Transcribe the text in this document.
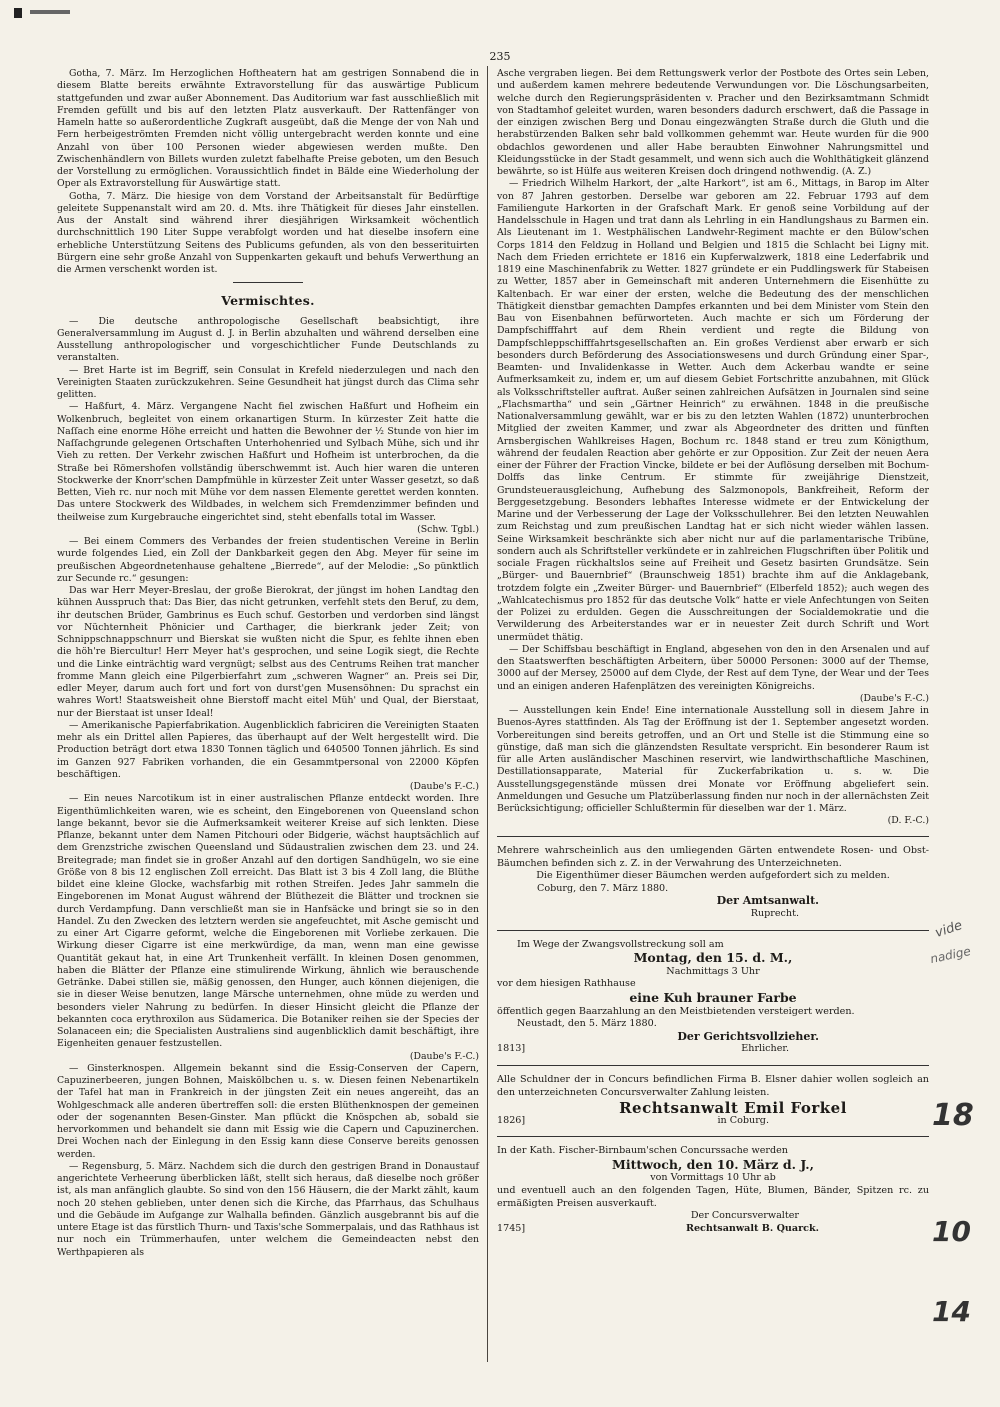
235

Gotha, 7. März. Im Herzoglichen Hoftheatern hat am gestrigen Sonnabend die in diesem Blatte bereits erwähnte Extravorstellung für das auswärtige Publicum stattgefunden und zwar außer Abonnement. Das Auditorium war fast ausschließlich mit Fremden gefüllt und bis auf den letzten Platz ausverkauft. Der Rattenfänger von Hameln hatte so außerordentliche Zugkraft ausgeübt, daß die Menge der von Nah und Fern herbeigeströmten Fremden nicht völlig untergebracht werden konnte und eine Anzahl von über 100 Personen wieder abgewiesen werden mußte. Den Zwischenhändlern von Billets wurden zuletzt fabelhafte Preise geboten, um den Besuch der Vorstellung zu ermöglichen. Voraussichtlich findet in Bälde eine Wiederholung der Oper als Extravorstellung für Auswärtige statt.

Gotha, 7. März. Die hiesige von dem Vorstand der Arbeitsanstalt für Bedürftige geleitete Suppenanstalt wird am 20. d. Mts. ihre Thätigkeit für dieses Jahr einstellen. Aus der Anstalt sind während ihrer diesjährigen Wirksamkeit wöchentlich durchschnittlich 190 Liter Suppe verabfolgt worden und hat dieselbe insofern eine erhebliche Unterstützung Seitens des Publicums gefunden, als von den besserituirten Bürgern eine sehr große Anzahl von Suppenkarten gekauft und behufs Verwerthung an die Armen verschenkt worden ist.

Vermischtes.

— Die deutsche anthropologische Gesellschaft beabsichtigt, ihre Generalversammlung im August d. J. in Berlin abzuhalten und während derselben eine Ausstellung anthropologischer und vorgeschichtlicher Funde Deutschlands zu veranstalten.

— Bret Harte ist im Begriff, sein Consulat in Krefeld niederzulegen und nach den Vereinigten Staaten zurückzukehren. Seine Gesundheit hat jüngst durch das Clima sehr gelitten.

— Haßfurt, 4. März. Vergangene Nacht fiel zwischen Haßfurt und Hofheim ein Wolkenbruch, begleitet von einem orkanartigen Sturm. In kürzester Zeit hatte die Naſſach eine enorme Höhe erreicht und hatten die Bewohner der ½ Stunde von hier im Naſſachgrunde gelegenen Ortschaften Unterhohenried und Sylbach Mühe, sich und ihr Vieh zu retten. Der Verkehr zwischen Haßfurt und Hofheim ist unterbrochen, da die Straße bei Römershofen vollständig überschwemmt ist. Auch hier waren die unteren Stockwerke der Knorr'schen Dampfmühle in kürzester Zeit unter Wasser gesetzt, so daß Betten, Vieh rc. nur noch mit Mühe vor dem nassen Elemente gerettet werden konnten. Das untere Stockwerk des Wildbades, in welchem sich Fremdenzimmer befinden und theilweise zum Kurgebrauche eingerichtet sind, steht ebenfalls total im Wasser.

(Schw. Tgbl.)

— Bei einem Commers des Verbandes der freien studentischen Vereine in Berlin wurde folgendes Lied, ein Zoll der Dankbarkeit gegen den Abg. Meyer für seine im preußischen Abgeordnetenhause gehaltene „Bierrede“, auf der Melodie: „So pünktlich zur Secunde rc.“ gesungen:

Das war Herr Meyer-Breslau, der große Bierokrat, der jüngst im hohen Landtag den kühnen Ausspruch that: Das Bier, das nicht getrunken, verfehlt stets den Beruf, zu dem, ihr deutschen Brüder, Gambrinus es Euch schuf. Gestorben und verdorben sind längst vor Nüchternheit Phönicier und Carthager, die bierkrank jeder Zeit; von Schnippschnappschnurr und Bierskat sie wußten nicht die Spur, es fehlte ihnen eben die höh're Biercultur! Herr Meyer hat's gesprochen, und seine Logik siegt, die Rechte und die Linke einträchtig ward vergnügt; selbst aus des Centrums Reihen trat mancher fromme Mann gleich eine Pilgerbierfahrt zum „schweren Wagner“ an. Preis sei Dir, edler Meyer, darum auch fort und fort von durst'gen Musensöhnen: Du sprachst ein wahres Wort! Staatsweisheit ohne Bierstoff macht eitel Müh' und Qual, der Bierstaat, nur der Bierstaat ist unser Ideal!

— Amerikanische Papierfabrikation. Augenblicklich fabriciren die Vereinigten Staaten mehr als ein Drittel allen Papieres, das überhaupt auf der Welt hergestellt wird. Die Production beträgt dort etwa 1830 Tonnen täglich und 640500 Tonnen jährlich. Es sind im Ganzen 927 Fabriken vorhanden, die ein Gesammtpersonal von 22000 Köpfen beschäftigen.

(Daube's F.-C.)

— Ein neues Narcotikum ist in einer australischen Pflanze entdeckt worden. Ihre Eigenthümlichkeiten waren, wie es scheint, den Eingeborenen von Queensland schon lange bekannt, bevor sie die Aufmerksamkeit weiterer Kreise auf sich lenkten. Diese Pflanze, bekannt unter dem Namen Pitchouri oder Bidgerie, wächst hauptsächlich auf dem Grenzstriche zwischen Queensland und Südaustralien zwischen dem 23. und 24. Breitegrade; man findet sie in großer Anzahl auf den dortigen Sandhügeln, wo sie eine Größe von 8 bis 12 englischen Zoll erreicht. Das Blatt ist 3 bis 4 Zoll lang, die Blüthe bildet eine kleine Glocke, wachsfarbig mit rothen Streifen. Jedes Jahr sammeln die Eingeborenen im Monat August während der Blüthezeit die Blätter und trocknen sie durch Verdampfung. Dann verschließt man sie in Hanfsäcke und bringt sie so in den Handel. Zu den Zwecken des letztern werden sie angefeuchtet, mit Asche gemischt und zu einer Art Cigarre geformt, welche die Eingeborenen mit Vorliebe zerkauen. Die Wirkung dieser Cigarre ist eine merkwürdige, da man, wenn man eine gewisse Quantität gekaut hat, in eine Art Trunkenheit verfällt. In kleinen Dosen genommen, haben die Blätter der Pflanze eine stimulirende Wirkung, ähnlich wie berauschende Getränke. Dabei stillen sie, mäßig genossen, den Hunger, auch können diejenigen, die sie in dieser Weise benutzen, lange Märsche unternehmen, ohne müde zu werden und besonders vieler Nahrung zu bedürfen. In dieser Hinsicht gleicht die Pflanze der bekannten coca erythroxilon aus Südamerica. Die Botaniker reihen sie der Species der Solanaceen ein; die Specialisten Australiens sind augenblicklich damit beschäftigt, ihre Eigenheiten genauer festzustellen.

(Daube's F.-C.)

— Ginsterknospen. Allgemein bekannt sind die Essig-Conserven der Capern, Capuzinerbeeren, jungen Bohnen, Maiskölbchen u. s. w. Diesen feinen Nebenartikeln der Tafel hat man in Frankreich in der jüngsten Zeit ein neues angereiht, das an Wohlgeschmack alle anderen übertreffen soll: die ersten Blüthenknospen der gemeinen oder der sogenannten Besen-Ginster. Man pflückt die Knöspchen ab, sobald sie hervorkommen und behandelt sie dann mit Essig wie die Capern und Capuzinerchen. Drei Wochen nach der Einlegung in den Essig kann diese Conserve bereits genossen werden.

— Regensburg, 5. März. Nachdem sich die durch den gestrigen Brand in Donaustauf angerichtete Verheerung überblicken läßt, stellt sich heraus, daß dieselbe noch größer ist, als man anfänglich glaubte. So sind von den 156 Häusern, die der Markt zählt, kaum noch 20 stehen geblieben, unter denen sich die Kirche, das Pfarrhaus, das Schulhaus und die Gebäude im Aufgange zur Walhalla befinden. Gänzlich ausgebrannt bis auf die untere Etage ist das fürstlich Thurn- und Taxis'sche Sommerpalais, und das Rathhaus ist nur noch ein Trümmerhaufen, unter welchem die Gemeindeacten nebst den Werthpapieren als

Asche vergraben liegen. Bei dem Rettungswerk verlor der Postbote des Ortes sein Leben, und außerdem kamen mehrere bedeutende Verwundungen vor. Die Löschungsarbeiten, welche durch den Regierungspräsidenten v. Pracher und den Bezirksamtmann Schmidt von Stadtamhof geleitet wurden, waren besonders dadurch erschwert, daß die Passage in der einzigen zwischen Berg und Donau eingezwängten Straße durch die Gluth und die herabstürzenden Balken sehr bald vollkommen gehemmt war. Heute wurden für die 900 obdachlos gewordenen und aller Habe beraubten Einwohner Nahrungsmittel und Kleidungsstücke in der Stadt gesammelt, und wenn sich auch die Wohlthätigkeit glänzend bewährte, so ist Hülfe aus weiteren Kreisen doch dringend nothwendig. (A. Z.)

— Friedrich Wilhelm Harkort, der „alte Harkort“, ist am 6., Mittags, in Barop im Alter von 87 Jahren gestorben. Derselbe war geboren am 22. Februar 1793 auf dem Familiengute Harkorten in der Grafschaft Mark. Er genoß seine Vorbildung auf der Handelsschule in Hagen und trat dann als Lehrling in ein Handlungshaus zu Barmen ein. Als Lieutenant im 1. Westphälischen Landwehr-Regiment machte er den Bülow'schen Corps 1814 den Feldzug in Holland und Belgien und 1815 die Schlacht bei Ligny mit. Nach dem Frieden errichtete er 1816 ein Kupferwalzwerk, 1818 eine Lederfabrik und 1819 eine Maschinenfabrik zu Wetter. 1827 gründete er ein Puddlingswerk für Stabeisen zu Wetter, 1857 aber in Gemeinschaft mit anderen Unternehmern die Eisenhütte zu Kaltenbach. Er war einer der ersten, welche die Bedeutung des der menschlichen Thätigkeit dienstbar gemachten Dampfes erkannten und bei dem Minister vom Stein den Bau von Eisenbahnen befürworteten. Auch machte er sich um Förderung der Dampfschifffahrt auf dem Rhein verdient und regte die Bildung von Dampfschleppschifffahrtsgesellschaften an. Ein großes Verdienst aber erwarb er sich besonders durch Beförderung des Associationswesens und durch Gründung einer Spar-, Beamten- und Invalidenkasse in Wetter. Auch dem Ackerbau wandte er seine Aufmerksamkeit zu, indem er, um auf diesem Gebiet Fortschritte anzubahnen, mit Glück als Volksschriftsteller auftrat. Außer seinen zahlreichen Aufsätzen in Journalen sind seine „Flachsmartha“ und sein „Gärtner Heinrich“ zu erwähnen. 1848 in die preußische Nationalversammlung gewählt, war er bis zu den letzten Wahlen (1872) ununterbrochen Mitglied der zweiten Kammer, und zwar als Abgeordneter des dritten und fünften Arnsbergischen Wahlkreises Hagen, Bochum rc. 1848 stand er treu zum Königthum, während der feudalen Reaction aber gehörte er zur Opposition. Zur Zeit der neuen Aera einer der Führer der Fraction Vincke, bildete er bei der Auflösung derselben mit Bochum-Dolffs das linke Centrum. Er stimmte für zweijährige Dienstzeit, Grundsteuerausgleichung, Aufhebung des Salzmonopols, Bankfreiheit, Reform der Berggesetzgebung. Besonders lebhaftes Interesse widmete er der Entwickelung der Marine und der Verbesserung der Lage der Volksschullehrer. Bei den letzten Neuwahlen zum Reichstag und zum preußischen Landtag hat er sich nicht wieder wählen lassen. Seine Wirksamkeit beschränkte sich aber nicht nur auf die parlamentarische Tribüne, sondern auch als Schriftsteller verkündete er in zahlreichen Flugschriften über Politik und sociale Fragen rückhaltslos seine auf Freiheit und Gesetz basirten Grundsätze. Sein „Bürger- und Bauernbrief“ (Braunschweig 1851) brachte ihm auf die Anklagebank, trotzdem folgte ein „Zweiter Bürger- und Bauernbrief“ (Elberfeld 1852); auch wegen des „Wahlcatechismus pro 1852 für das deutsche Volk“ hatte er viele Anfechtungen von Seiten der Polizei zu erdulden. Gegen die Ausschreitungen der Socialdemokratie und die Verwilderung des Arbeiterstandes war er in neuester Zeit durch Schrift und Wort unermüdet thätig.

— Der Schiffsbau beschäftigt in England, abgesehen von den in den Arsenalen und auf den Staatswerften beschäftigten Arbeitern, über 50000 Personen: 3000 auf der Themse, 3000 auf der Mersey, 25000 auf dem Clyde, der Rest auf dem Tyne, der Wear und der Tees und an einigen anderen Hafenplätzen des vereinigten Königreichs.

(Daube's F.-C.)

— Ausstellungen kein Ende! Eine internationale Ausstellung soll in diesem Jahre in Buenos-Ayres stattfinden. Als Tag der Eröffnung ist der 1. September angesetzt worden. Vorbereitungen sind bereits getroffen, und an Ort und Stelle ist die Stimmung eine so günstige, daß man sich die glänzendsten Resultate verspricht. Ein besonderer Raum ist für alle Arten ausländischer Maschinen reservirt, wie landwirthschaftliche Maschinen, Destillationsapparate, Material für Zuckerfabrikation u. s. w. Die Ausstellungsgegenstände müssen drei Monate vor Eröffnung abgeliefert sein. Anmeldungen und Gesuche um Platzüberlassung finden nur noch in der allernächsten Zeit Berücksichtigung; officieller Schlußtermin für dieselben war der 1. März.

(D. F.-C.)

Mehrere wahrscheinlich aus den umliegenden Gärten entwendete Rosen- und Obst-Bäumchen befinden sich z. Z. in der Verwahrung des Unterzeichneten.

Die Eigenthümer dieser Bäumchen werden aufgefordert sich zu melden.

Coburg, den 7. März 1880.

Der Amtsanwalt.

Ruprecht.

Im Wege der Zwangsvollstreckung soll am

Montag, den 15. d. M.,

Nachmittags 3 Uhr

vor dem hiesigen Rathhause

eine Kuh brauner Farbe

öffentlich gegen Baarzahlung an den Meistbietenden versteigert werden.

Neustadt, den 5. März 1880.

Der Gerichtsvollzieher.

1813]	Ehrlicher.

Alle Schuldner der in Concurs befindlichen Firma B. Elsner dahier wollen sogleich an den unterzeichneten Concursverwalter Zahlung leisten.

Rechtsanwalt Emil Forkel

1826]	in Coburg.

In der Kath. Fischer-Birnbaum'schen Concurssache werden

Mittwoch, den 10. März d. J.,

von Vormittags 10 Uhr ab

und eventuell auch an den folgenden Tagen, Hüte, Blumen, Bänder, Spitzen rc. zu ermäßigten Preisen ausverkauft.

Der Concursverwalter

1745]	Rechtsanwalt B. Quarck.

vide
nadige
18
10
14
